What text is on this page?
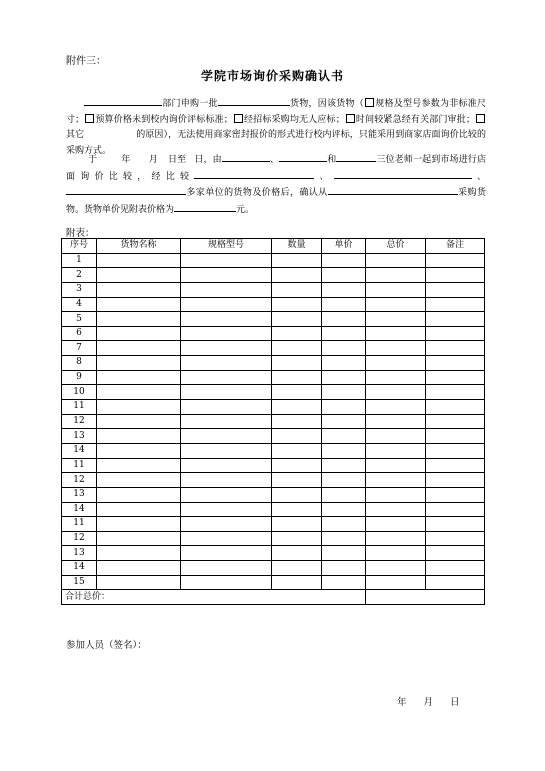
附件三：
学院市场询价采购确认书
部门申购一批	货物，因该货物（ 规格及型号参数为非标准尺寸； 预算价格未到校内询价评标标准； 经招标采购均无人应标； 时间较紧急经有关部门审批；其它	的原因），无法使用商家密封报价的形式进行校内评标，只能采用到商家店面询价比较的采购方式。
于	年 月 日至 日，由	、	和	三位老师一起到市场进行店面询价比较，经比较	、	、多家单位的货物及价格后，确认从	采购货物。货物单价见附表价格为	元。
附表：
序号	货物名称	规格型号	数量	单价	总价	备注
1						
2						
3						
4						
5						
6						
7						
8						
9						
10						
11						
12						
13						
14						
11						
12						
13						
14						
11						
12						
13						
14						
15						
合计总价：						
参加人员（签名）：
年 月 日
